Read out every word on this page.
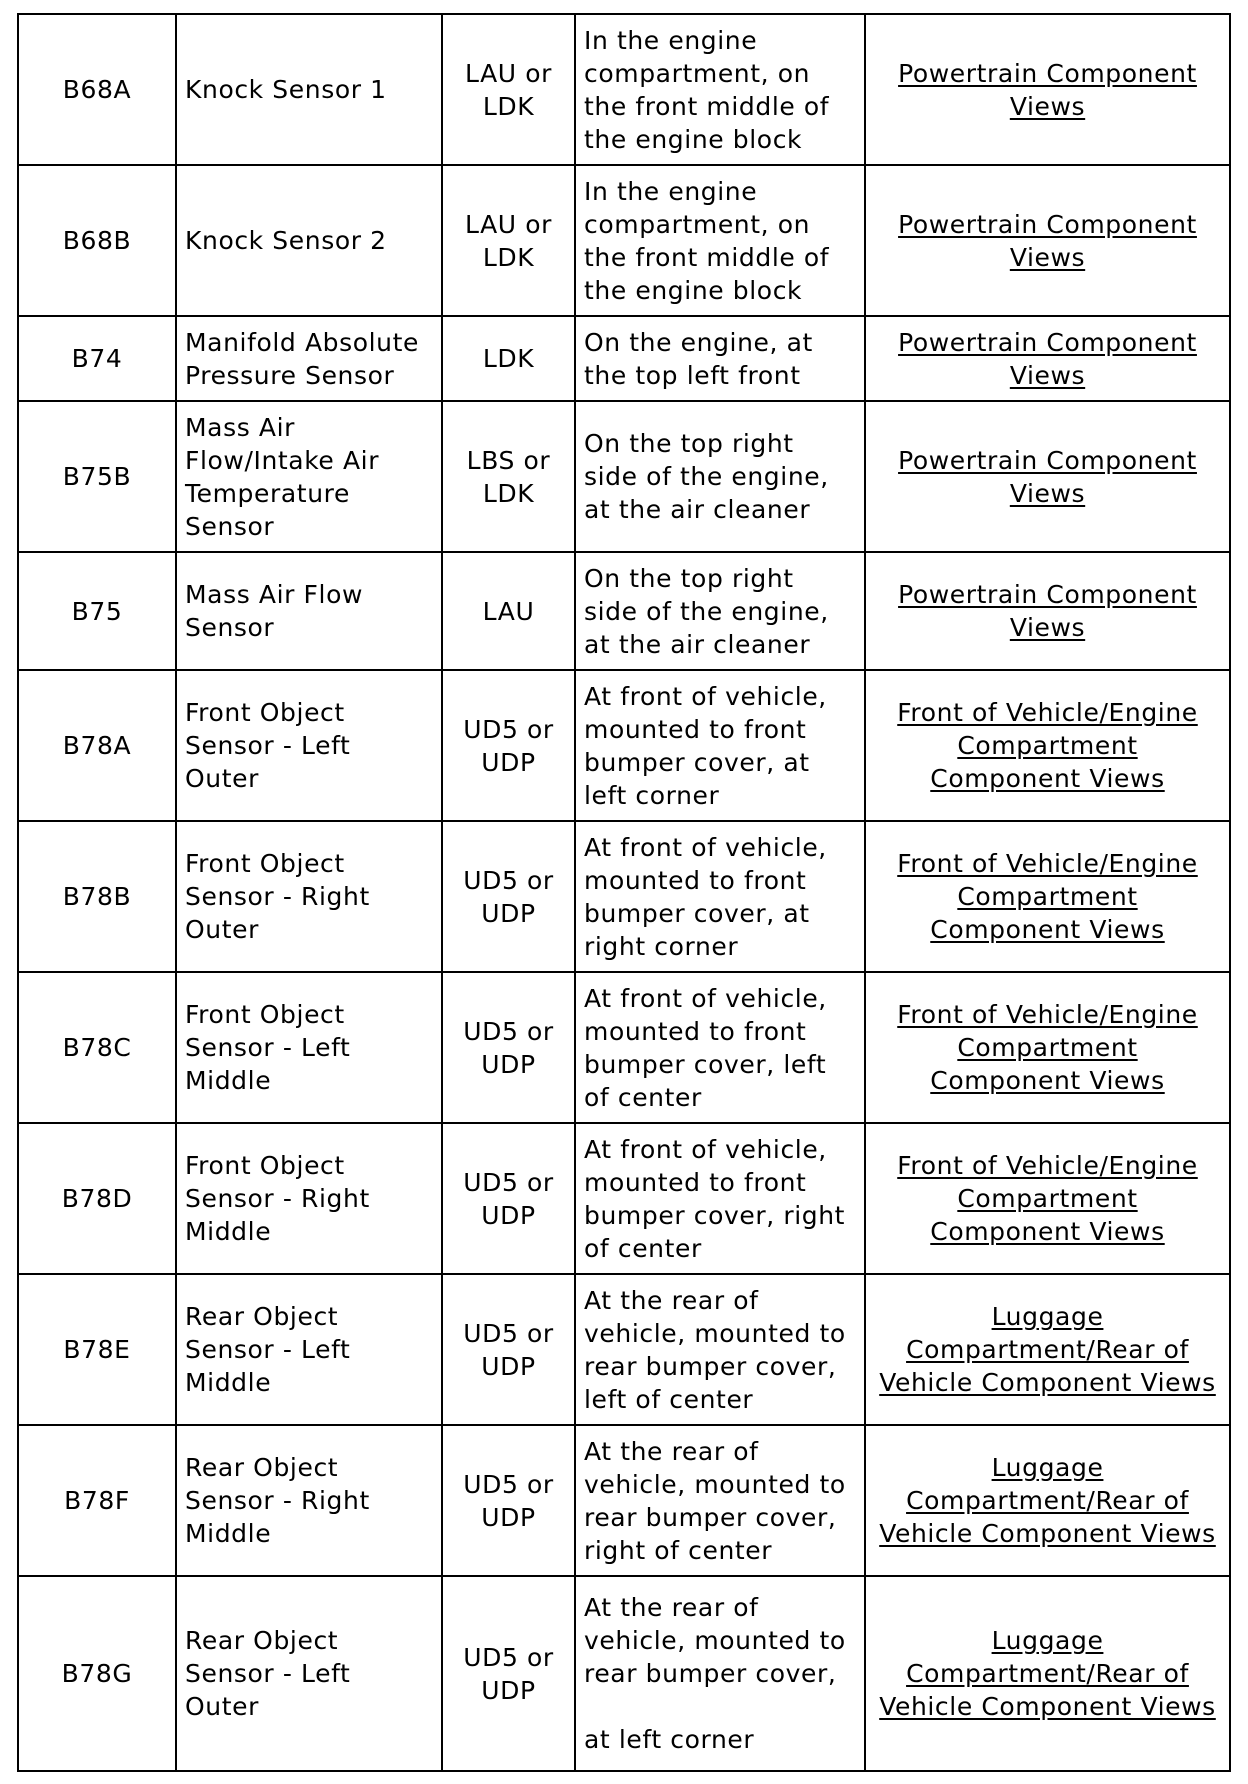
B68A	Knock Sensor 1	LAU or
LDK	In the engine
compartment, on
the front middle of
the engine block	Powertrain Component
Views
B68B	Knock Sensor 2	LAU or
LDK	In the engine
compartment, on
the front middle of
the engine block	Powertrain Component
Views
B74	Manifold Absolute
Pressure Sensor	LDK	On the engine, at
the top left front	Powertrain Component
Views
B75B	Mass Air
Flow/Intake Air
Temperature
Sensor	LBS or
LDK	On the top right
side of the engine,
at the air cleaner	Powertrain Component
Views
B75	Mass Air Flow
Sensor	LAU	On the top right
side of the engine,
at the air cleaner	Powertrain Component
Views
B78A	Front Object
Sensor - Left
Outer	UD5 or
UDP	At front of vehicle,
mounted to front
bumper cover, at
left corner	Front of Vehicle/Engine
Compartment
Component Views
B78B	Front Object
Sensor - Right
Outer	UD5 or
UDP	At front of vehicle,
mounted to front
bumper cover, at
right corner	Front of Vehicle/Engine
Compartment
Component Views
B78C	Front Object
Sensor - Left
Middle	UD5 or
UDP	At front of vehicle,
mounted to front
bumper cover, left
of center	Front of Vehicle/Engine
Compartment
Component Views
B78D	Front Object
Sensor - Right
Middle	UD5 or
UDP	At front of vehicle,
mounted to front
bumper cover, right
of center	Front of Vehicle/Engine
Compartment
Component Views
B78E	Rear Object
Sensor - Left
Middle	UD5 or
UDP	At the rear of
vehicle, mounted to
rear bumper cover,
left of center	Luggage
Compartment/Rear of
Vehicle Component Views
B78F	Rear Object
Sensor - Right
Middle	UD5 or
UDP	At the rear of
vehicle, mounted to
rear bumper cover,
right of center	Luggage
Compartment/Rear of
Vehicle Component Views
B78G	Rear Object
Sensor - Left
Outer	UD5 or
UDP	At the rear of
vehicle, mounted to
rear bumper cover,

at left corner	Luggage
Compartment/Rear of
Vehicle Component Views
